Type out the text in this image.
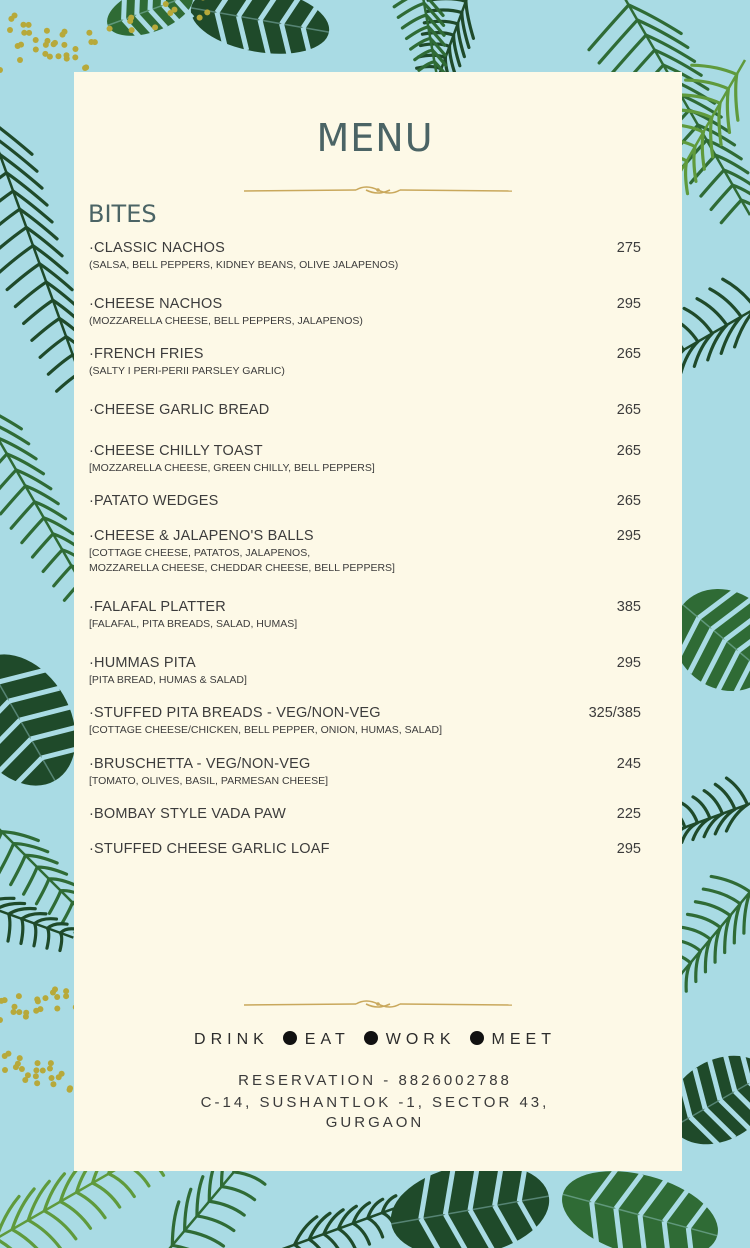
MENU
BITES
·CLASSIC NACHOS
(SALSA, BELL PEPPERS, KIDNEY BEANS, OLIVE JALAPENOS)
275
·CHEESE NACHOS
(MOZZARELLA CHEESE, BELL PEPPERS, JALAPENOS)
295
·FRENCH FRIES
(SALTY I PERI-PERII PARSLEY GARLIC)
265
·CHEESE GARLIC BREAD	265
·CHEESE CHILLY TOAST
[MOZZARELLA CHEESE, GREEN CHILLY, BELL PEPPERS]
265
·PATATO WEDGES	265
·CHEESE & JALAPENO'S BALLS
[COTTAGE CHEESE, PATATOS, JALAPENOS,
MOZZARELLA CHEESE, CHEDDAR CHEESE, BELL PEPPERS]
295
·FALAFAL PLATTER
[FALAFAL, PITA BREADS, SALAD, HUMAS]
385
·HUMMAS PITA
[PITA BREAD, HUMAS & SALAD]
295
·STUFFED PITA BREADS - VEG/NON-VEG
[COTTAGE CHEESE/CHICKEN, BELL PEPPER, ONION, HUMAS, SALAD]
325/385
·BRUSCHETTA - VEG/NON-VEG
[TOMATO, OLIVES, BASIL, PARMESAN CHEESE]
245
·BOMBAY STYLE VADA PAW	225
·STUFFED CHEESE GARLIC LOAF	295
DRINK EAT WORK MEET
RESERVATION - 8826002788
C-14, SUSHANTLOK -1, SECTOR 43,
GURGAON
